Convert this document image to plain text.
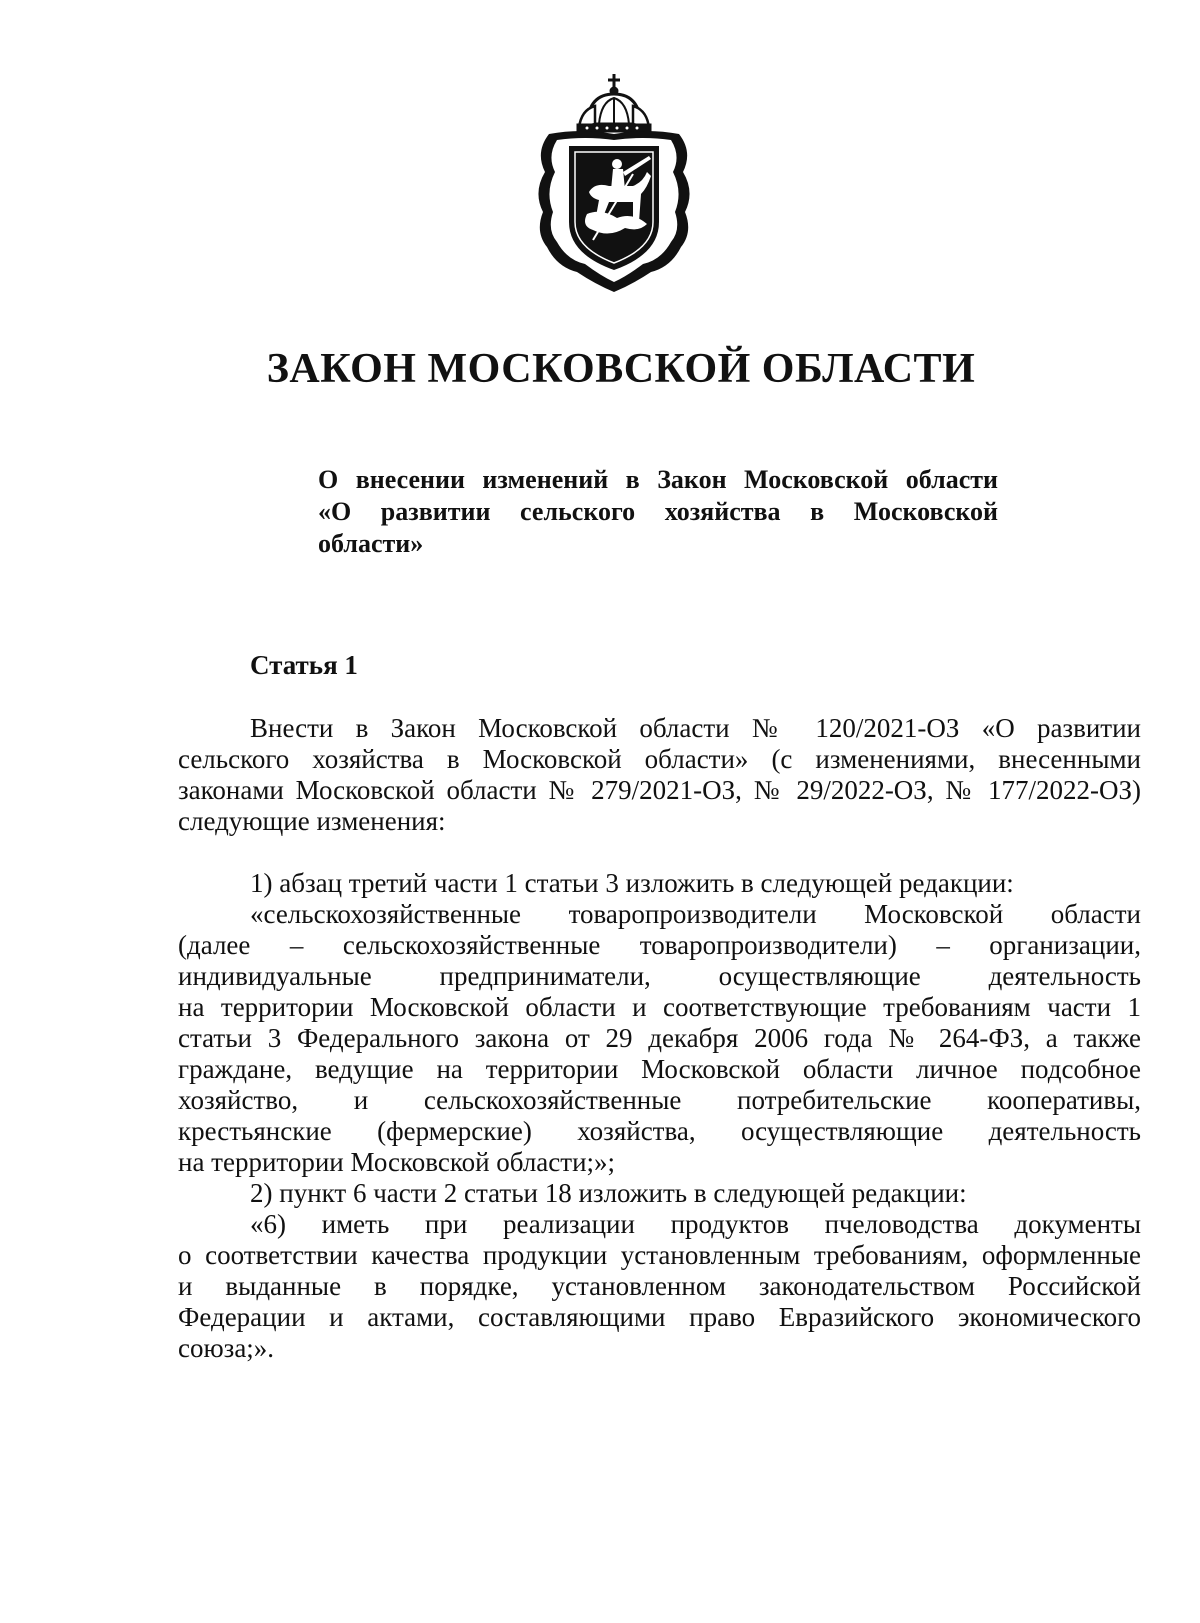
ЗАКОН МОСКОВСКОЙ ОБЛАСТИ
О внесении изменений в Закон Московской области
«О развитии сельского хозяйства в Московской
области»
Статья 1
Внести в Закон Московской области № 120/2021-ОЗ «О развитии
сельского хозяйства в Московской области» (с изменениями, внесенными
законами Московской области № 279/2021-ОЗ, № 29/2022-ОЗ, № 177/2022-ОЗ)
следующие изменения:
1) абзац третий части 1 статьи 3 изложить в следующей редакции:
«сельскохозяйственные товаропроизводители Московской области
(далее – сельскохозяйственные товаропроизводители) – организации,
индивидуальные предприниматели, осуществляющие деятельность
на территории Московской области и соответствующие требованиям части 1
статьи 3 Федерального закона от 29 декабря 2006 года № 264-ФЗ, а также
граждане, ведущие на территории Московской области личное подсобное
хозяйство, и сельскохозяйственные потребительские кооперативы,
крестьянские (фермерские) хозяйства, осуществляющие деятельность
на территории Московской области;»;
2) пункт 6 части 2 статьи 18 изложить в следующей редакции:
«6) иметь при реализации продуктов пчеловодства документы
о соответствии качества продукции установленным требованиям, оформленные
и выданные в порядке, установленном законодательством Российской
Федерации и актами, составляющими право Евразийского экономического
союза;».
